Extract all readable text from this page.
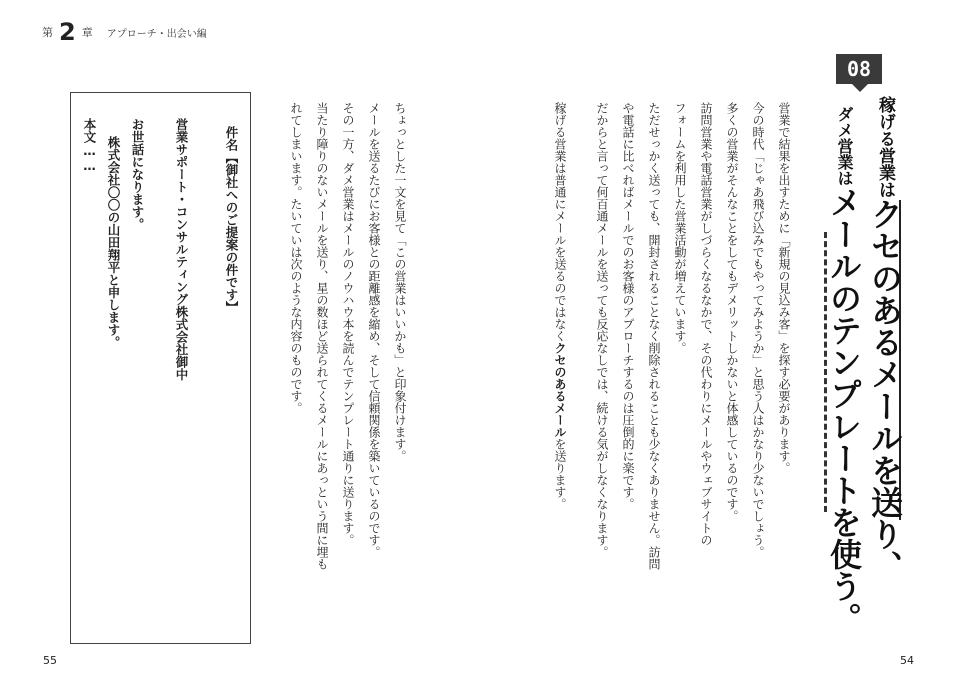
第 2 章 アプローチ・出会い編
08
稼げる営業はクセのあるメールを送り、
ダメ営業はメールのテンプレートを使う。
営業で結果を出すために「新規の見込み客」を探す必要があります。
今の時代「じゃあ飛び込みでもやってみようか」と思う人はかなり少ないでしょう。
多くの営業がそんなことをしてもデメリットしかないと体感しているのです。
訪問営業や電話営業がしづらくなるなかで、その代わりにメールやウェブサイトの
フォームを利用した営業活動が増えています。
ただせっかく送っても、開封されることなく削除されることも少なくありません。訪問
や電話に比べればメールでのお客様のアプローチするのは圧倒的に楽です。
だからと言って何百通メールを送っても反応なしでは、続ける気がしなくなります。
稼げる営業は普通にメールを送るのではなくクセのあるメールを送ります。
ちょっとした一文を見て「この営業はいいかも」と印象付けます。
メールを送るたびにお客様との距離感を縮め、そして信頼関係を築いているのです。
その一方、ダメ営業はメールのノウハウ本を読んでテンプレート通りに送ります。
当たり障りのないメールを送り、星の数ほど送られてくるメールにあっという間に埋も
れてしまいます。たいていは次のような内容のものです。
件名【御社へのご提案の件です】
営業サポート・コンサルティング株式会社御中
お世話になります。
株式会社〇〇の山田翔平と申します。
本文……
55	54
